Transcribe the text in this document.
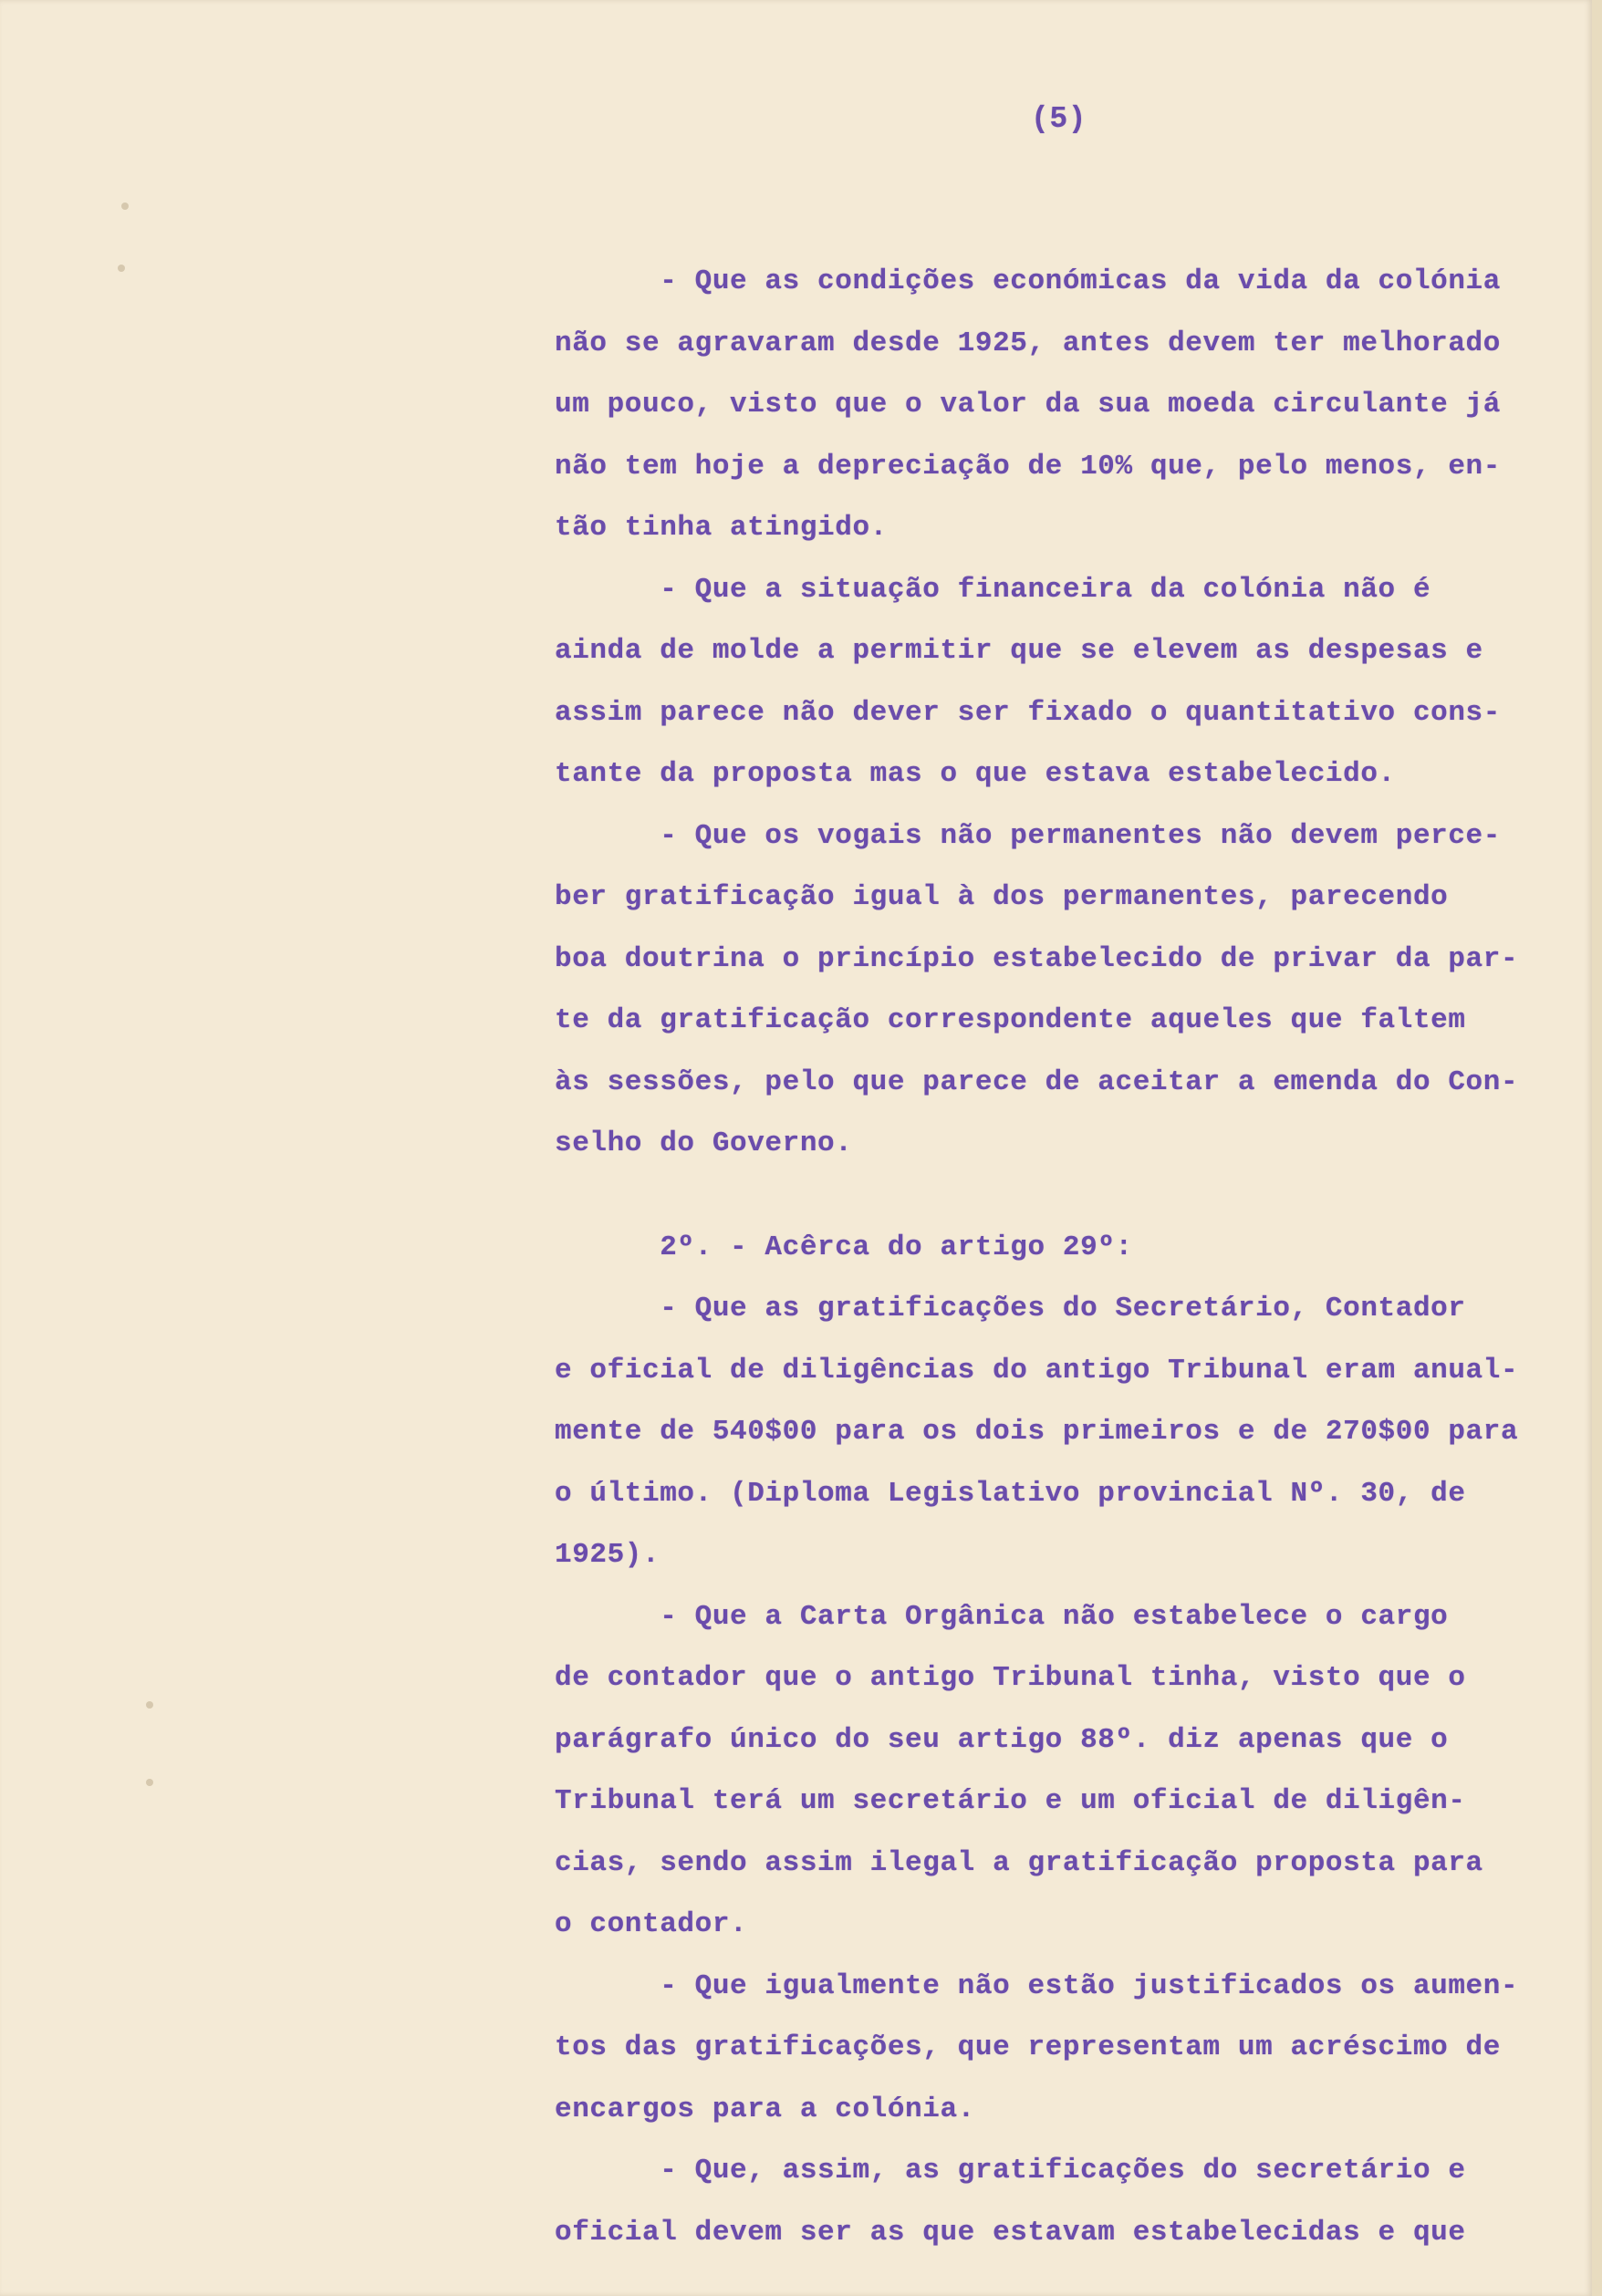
(5)
- Que as condições económicas da vida da colónia
não se agravaram desde 1925, antes devem ter melhorado
um pouco, visto que o valor da sua moeda circulante já
não tem hoje a depreciação de 10% que, pelo menos, en-
tão tinha atingido.
- Que a situação financeira da colónia não é
ainda de molde a permitir que se elevem as despesas e
assim parece não dever ser fixado o quantitativo cons-
tante da proposta mas o que estava estabelecido.
- Que os vogais não permanentes não devem perce-
ber gratificação igual à dos permanentes, parecendo
boa doutrina o princípio estabelecido de privar da par-
te da gratificação correspondente aqueles que faltem
às sessões, pelo que parece de aceitar a emenda do Con-
selho do Governo.
2º. - Acêrca do artigo 29º:
- Que as gratificações do Secretário, Contador
e oficial de diligências do antigo Tribunal eram anual-
mente de 540$00 para os dois primeiros e de 270$00 para
o último. (Diploma Legislativo provincial Nº. 30, de
1925).
- Que a Carta Orgânica não estabelece o cargo
de contador que o antigo Tribunal tinha, visto que o
parágrafo único do seu artigo 88º. diz apenas que o
Tribunal terá um secretário e um oficial de diligên-
cias, sendo assim ilegal a gratificação proposta para
o contador.
- Que igualmente não estão justificados os aumen-
tos das gratificações, que representam um acréscimo de
encargos para a colónia.
- Que, assim, as gratificações do secretário e
oficial devem ser as que estavam estabelecidas e que
